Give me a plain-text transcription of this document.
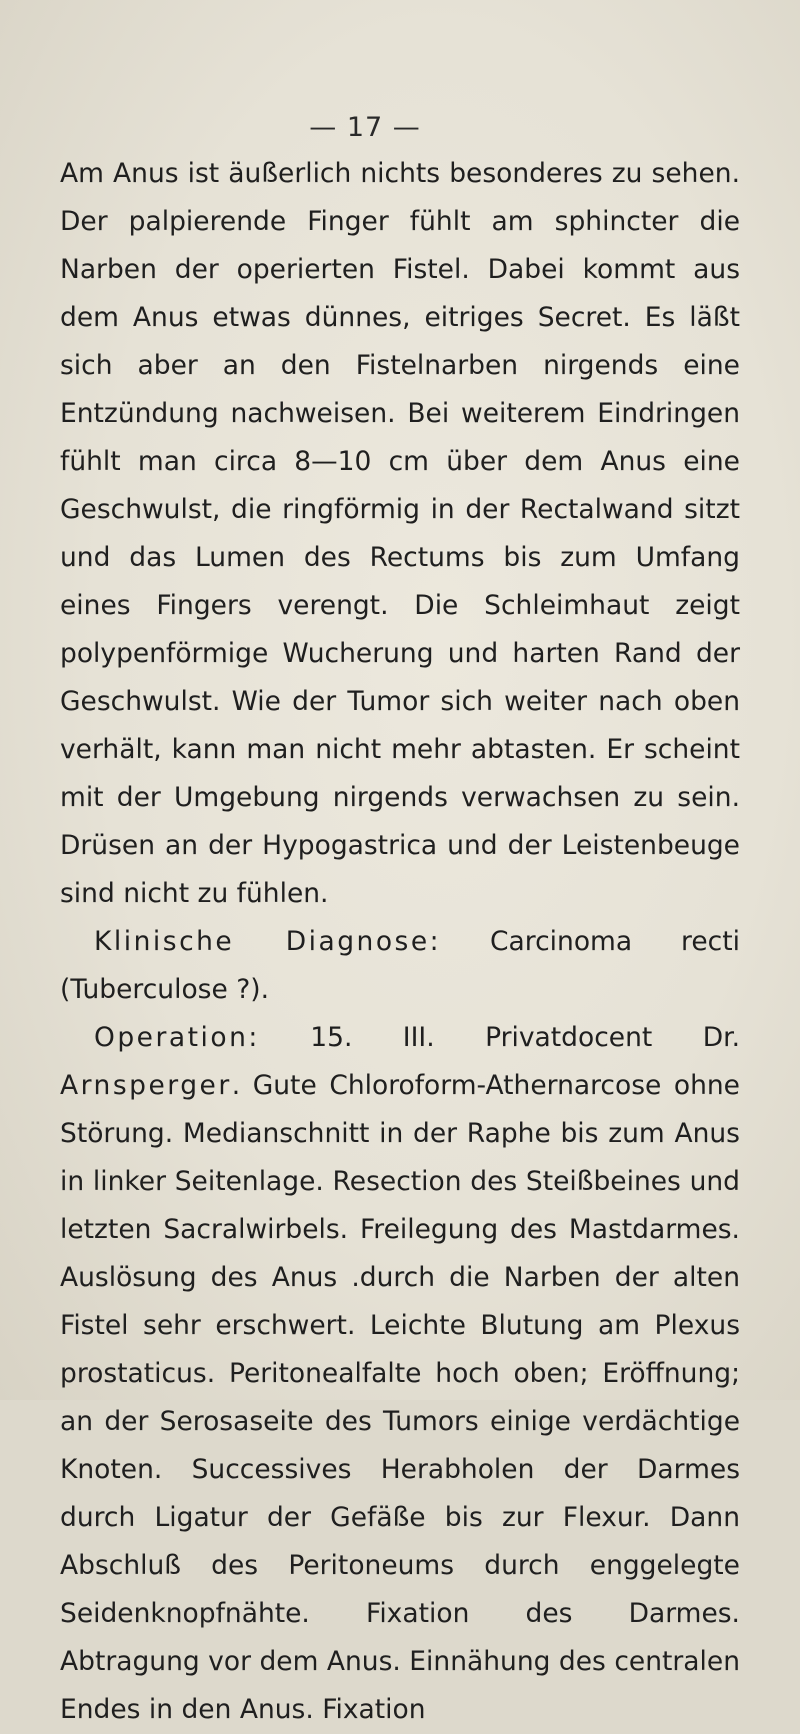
— 17 —

Am Anus ist äußerlich nichts besonderes zu sehen. Der palpierende Finger fühlt am sphincter die Narben der operierten Fistel. Dabei kommt aus dem Anus etwas dünnes, eitriges Secret. Es läßt sich aber an den Fistelnarben nirgends eine Entzündung nachweisen. Bei weiterem Eindringen fühlt man circa 8—10 cm über dem Anus eine Geschwulst, die ringförmig in der Rectalwand sitzt und das Lumen des Rectums bis zum Umfang eines Fingers verengt. Die Schleimhaut zeigt polypenförmige Wucherung und harten Rand der Geschwulst. Wie der Tumor sich weiter nach oben verhält, kann man nicht mehr abtasten. Er scheint mit der Umgebung nirgends verwachsen zu sein. Drüsen an der Hypogastrica und der Leistenbeuge sind nicht zu fühlen.

Klinische Diagnose: Carcinoma recti (Tuberculose ?).

Operation: 15. III. Privatdocent Dr. Arnsperger. Gute Chloroform-Athernarcose ohne Störung. Medianschnitt in der Raphe bis zum Anus in linker Seitenlage. Resection des Steißbeines und letzten Sacralwirbels. Freilegung des Mastdarmes. Auslösung des Anus .durch die Narben der alten Fistel sehr erschwert. Leichte Blutung am Plexus prostaticus. Peritonealfalte hoch oben; Eröffnung; an der Serosaseite des Tumors einige verdächtige Knoten. Successives Herabholen der Darmes durch Ligatur der Gefäße bis zur Flexur. Dann Abschluß des Peritoneums durch enggelegte Seidenknopfnähte. Fixation des Darmes. Abtragung vor dem Anus. Einnähung des centralen Endes in den Anus. Fixation
